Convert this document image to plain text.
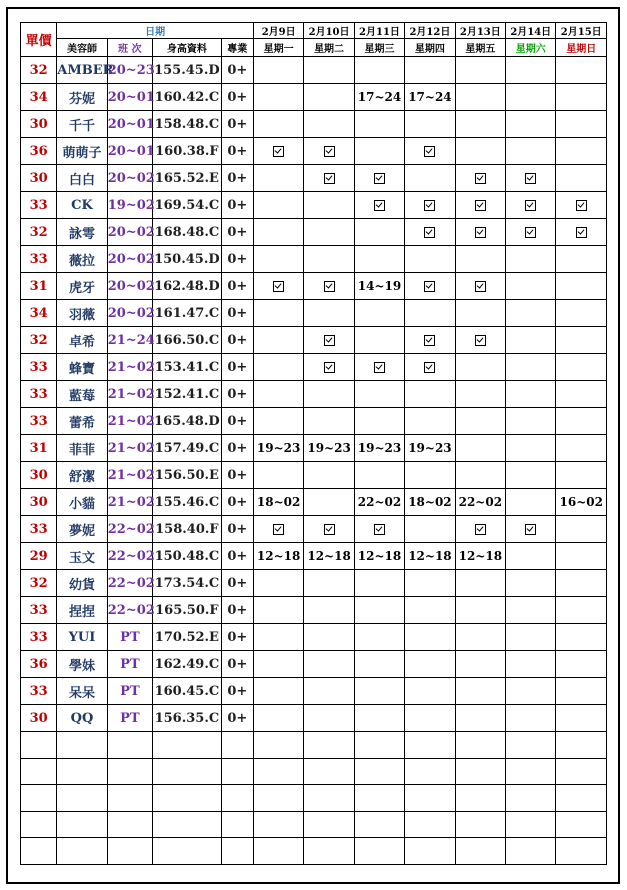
單價	日期				2月9日	2月10日	2月11日	2月12日	2月13日	2月14日	2月15日
	美容師	班 次	身高資料	專業	星期一	星期二	星期三	星期四	星期五	星期六	星期日
32	AMBER	20~23	155.45.D	0+							
34	芬妮	20~01	160.42.C	0+			17~24	17~24			
30	千千	20~01	158.48.C	0+							
36	萌萌子	20~01	160.38.F	0+							
30	白白	20~02	165.52.E	0+							
33	CK	19~02	169.54.C	0+							
32	詠雩	20~02	168.48.C	0+							
33	薇拉	20~02	150.45.D	0+							
31	虎牙	20~02	162.48.D	0+			14~19				
34	羽薇	20~02	161.47.C	0+							
32	卓希	21~24	166.50.C	0+							
33	蜂寶	21~02	153.41.C	0+							
33	藍莓	21~02	152.41.C	0+							
33	蕾希	21~02	165.48.D	0+							
31	菲菲	21~02	157.49.C	0+	19~23	19~23	19~23	19~23			
30	舒潔	21~02	156.50.E	0+							
30	小貓	21~02	155.46.C	0+	18~02		22~02	18~02	22~02		16~02
33	夢妮	22~02	158.40.F	0+							
29	玉文	22~02	150.48.C	0+	12~18	12~18	12~18	12~18	12~18		
32	幼貨	22~02	173.54.C	0+							
33	捏捏	22~02	165.50.F	0+							
33	YUI	PT	170.52.E	0+							
36	學妹	PT	162.49.C	0+							
33	呆呆	PT	160.45.C	0+							
30	QQ	PT	156.35.C	0+							
